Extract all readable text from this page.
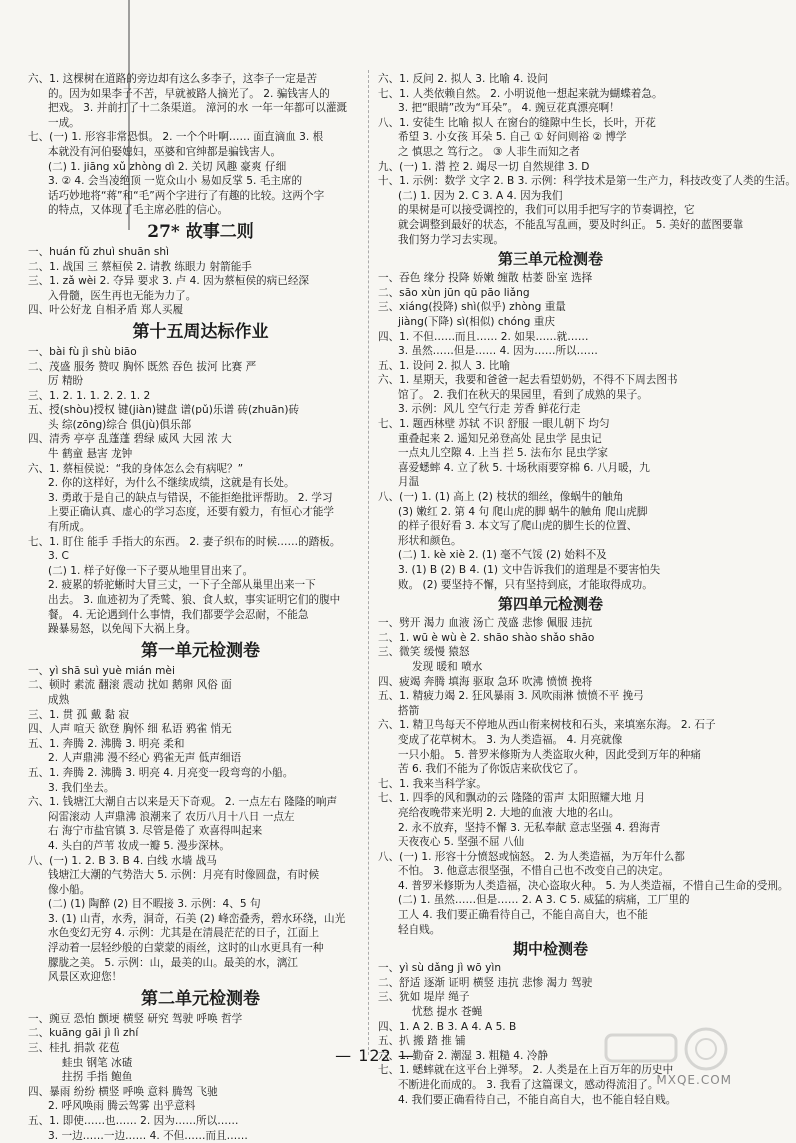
六、1. 这棵树在道路的旁边却有这么多李子，这李子一定是苦
的。因为如果李子不苦，早就被路人摘光了。 2. 骗钱害人的
把戏。 3. 并前打了十二条渠道。 漳河的水 一年一年都可以灌溉
一成。
七、(一) 1. 形容非常恐惧。 2. 一个个叶啊…… 面直滴血 3. 根
本就没有河伯娶媳妇，巫婆和官绅都是骗钱害人。
(二) 1. jiāng xǔ zhòng dì 2. 关切 风趣 豪爽 仔细
3. ② 4. 会当凌绝顶 一览众山小 易如反掌 5. 毛主席的
话巧妙地将“蒋”和“毛”两个字进行了有趣的比较。这两个字
的特点，又体现了毛主席必胜的信心。
27* 故事二则
一、huán fǔ zhuì shuān shì
二、1. 战国 三 蔡桓侯 2. 请教 练眼力 射箭能手
三、1. zǎ wèi 2. 夺异 要求 3. 卢 4. 因为蔡桓侯的病已经深
入骨髓，医生再也无能为力了。
四、叶公好龙 自相矛盾 郑人买履
第十五周达标作业
一、bài fù jì shù biāo
二、茂盛 服务 赞叹 胸怀 既然 吞色 拔河 比赛 严
厉 精盼
三、1. 2. 1. 1. 2. 2. 1. 2
五、授(shòu)授权 键(jiàn)键盘 谱(pǔ)乐谱 砖(zhuān)砖
头 综(zōng)综合 俱(jù)俱乐部
四、清秀 亭亭 乱蓬蓬 碧绿 威风 大园 浓 大
牛 鹤童 悬害 龙钟
六、1. 蔡桓侯说：“我的身体怎么会有病呢？”
2. 你的这样好，为什么不继续成绩，这就是有长处。
3. 勇敢于是自己的缺点与错误，不能拒绝批评帮助。 2. 学习
上要正确认真、虚心的学习态度，还要有毅力，有恒心才能学
有所成。
七、1. 盯住 能手 手指大的东西。 2. 妻子织布的时候……的踏板。
3. C
(二) 1. 样子好像一下子要从地里冒出来了。
2. 疲累的轿驼蜥时大冒三丈，一下子全部从巢里出来一下
出去。 3. 血迹初为了秃鹫、狼、食人蚁，事实证明它们的腹中
餐。 4. 无论遇到什么事情，我们都要学会忍耐，不能急
躁暴易怒，以免闯下大祸上身。
第一单元检测卷
一、yì shā suì yuè mián mèi
二、顿时 素流 翻滚 震动 扰如 鹅卵 风俗 面
成熟
三、1. 贯 孤 戴 黏 寂
四、人声 喧天 欲登 胸怀 细 私语 鸦雀 悄无
五、1. 奔腾 2. 沸腾 3. 明亮 柔和
2. 人声鼎沸 漫不经心 鸦雀无声 低声细语
五、1. 奔腾 2. 沸腾 3. 明亮 4. 月亮变一段弯弯的小船。
3. 我们坐去。
六、1. 钱塘江大潮自古以来是天下奇观。 2. 一点左右 隆隆的响声
闷雷滚动 人声鼎沸 浪潮来了 农历八月十八日 一点左
右 海宁市盐官镇 3. 尽管是倦了 欢喜得叫起来
4. 头白的芦苇 妆成一瓣 5. 漫步深林。
八、(一) 1. 2. B 3. B 4. 白线 水墙 战马
钱塘江大潮的气势浩大 5. 示例：月亮有时像圆盘，有时候
像小船。
(二) (1) 陶醉 (2) 目不暇接 3. 示例：4、5 句
3. (1) 山青，水秀，洞奇，石美 (2) 峰峦叠秀，碧水环绕，山光
水色变幻无穷 4. 示例：尤其是在清晨茫茫的日子，江面上
浮动着一层轻纱般的白蒙蒙的雨丝，这时的山水更具有一种
朦胧之美。 5. 示例：山，最美的山。最美的水，漓江
风景区欢迎您！
第二单元检测卷
一、豌豆 恐怕 颤埂 横竖 研究 驾驶 呼唤 哲学
二、kuāng gāi jì lì zhí
三、桂扎 捐款 花苞
蛙虫 钢笔 冰碴
拄拐 手指 鲍鱼
四、暴雨 纷纷 横竖 呼唤 意料 腾驾 飞驰
2. 呼风唤雨 腾云驾雾 出乎意料
五、1. 即使……也…… 2. 因为……所以……
3. 一边……一边…… 4. 不但……而且……
六、1. 反问 2. 拟人 3. 比喻 4. 设问
七、1. 人类依赖自然。 2. 小明说他一想起来就为蝴蝶着急。
3. 把“眼睛”改为“耳朵”。 4. 豌豆花真漂亮啊！
八、1. 安徒生 比喻 拟人 在窗台的缝隙中生长，长叶，开花
希望 3. 小女孩 耳朵 5. 自己 ① 好问则裕 ② 博学
之 慎思之 笃行之。 ③ 人非生而知之者
九、(一) 1. 潜 控 2. 竭尽一切 自然规律 3. D
十、1. 示例：数学 文字 2. B 3. 示例：科学技术是第一生产力，科技改变了人类的生活。
(二) 1. 因为 2. C 3. A 4. 因为我们
的果树是可以接受调控的，我们可以用手把写字的节奏调控，它
就会调整到最好的状态，不能乱写乱画，要及时纠正。 5. 美好的蓝图要靠
我们努力学习去实现。
第三单元检测卷
一、吞色 缘分 投降 娇嫩 缠散 枯萎 卧室 选择
二、sāo xùn jūn qū pāo liǎng
三、xiáng(投降) shì(似乎) zhòng 重量
jiàng(下降) sì(相似) chóng 重庆
四、1. 不但……而且…… 2. 如果……就……
3. 虽然……但是…… 4. 因为……所以……
五、1. 设问 2. 拟人 3. 比喻
六、1. 星期天，我要和爸爸一起去看望奶奶，不得不下周去图书
馆了。 2. 我们在秋天的果园里，看到了成熟的果子。
3. 示例：风儿 空气行走 芳香 鲜花行走
七、1. 题西林壁 苏轼 不识 舒服 一眼儿朝下 均匀
重叠起来 2. 遥知兄弟登高处 昆虫学 昆虫记
一点丸儿空隙 4. 上当 拦 5. 法布尔 昆虫学家
喜爱蟋蟀 4. 立了秋 5. 十场秋雨要穿棉 6. 八月暖，九
月温
八、(一) 1. (1) 高上 (2) 枝状的细丝，像蜗牛的触角
(3) 嫩红 2. 第 4 句 爬山虎的脚 蜗牛的触角 爬山虎脚
的样子很好看 3. 本文写了爬山虎的脚生长的位置、
形状和颜色。
(二) 1. kè xiè 2. (1) 毫不气馁 (2) 始料不及
3. (1) B (2) B 4. (1) 文中告诉我们的道理是不要害怕失
败。 (2) 要坚持不懈，只有坚持到底，才能取得成功。
第四单元检测卷
一、劈开 渴力 血液 汤亡 茂盛 悲惨 佩服 违抗
二、1. wū è wù è 2. shāo shào shǎo shāo
三、微笑 缓慢 猿怒
发现 暖和 喷水
四、疲竭 奔腾 填海 驱取 急环 吹沸 愤愤 挽将
五、1. 精疲力竭 2. 狂风暴雨 3. 风吹雨淋 愤愤不平 挽弓
搭箭
六、1. 精卫鸟每天不停地从西山衔来树枝和石头，来填塞东海。 2. 石子
变成了花草树木。 3. 为人类造福。 4. 月亮就像
一只小船。 5. 普罗米修斯为人类盗取火种，因此受到万年的种痛
苦 6. 我们不能为了你饭店来砍伐它了。
七、1. 我来当科学家。
七、1. 四季的风和飘动的云 隆隆的雷声 太阳照耀大地 月
亮给夜晚带来光明 2. 大地的血液 大地的名山。
2. 永不放弃，坚持不懈 3. 无私奉献 意志坚强 4. 碧海青
天夜夜心 5. 坚强不屈 八仙
八、(一) 1. 形容十分愤怒或恼怒。 2. 为人类造福，为万年什么都
不怕。 3. 他意志很坚强，不惜自己也不改变自己的决定。
4. 普罗米修斯为人类造福，决心盗取火种。 5. 为人类造福，不惜自己生命的受刑。
(二) 1. 虽然……但是…… 2. A 3. C 5. 威猛的病痛，工厂里的
工人 4. 我们要正确看待自己，不能自高自大，也不能
轻自贱。
期中检测卷
一、yì sù dǎng jì wō yìn
二、舒适 逐渐 证明 横竖 违抗 悲惨 渴力 驾驶
三、犹如 堤岸 绳子
忧愁 提水 苍蝇
四、1. A 2. B 3. A 4. A 5. B
五、扒 搬 踏 推 铺
六、1. 勤奋 2. 潮湿 3. 粗糙 4. 冷静
七、1. 蟋蟀就在这平台上弹琴。 2. 人类是在上百万年的历史中
不断进化而成的。 3. 我看了这篇课文，感动得流泪了。
4. 我们要正确看待自己，不能自高自大，也不能自轻自贱。
— 122 —
MXQE.COM
